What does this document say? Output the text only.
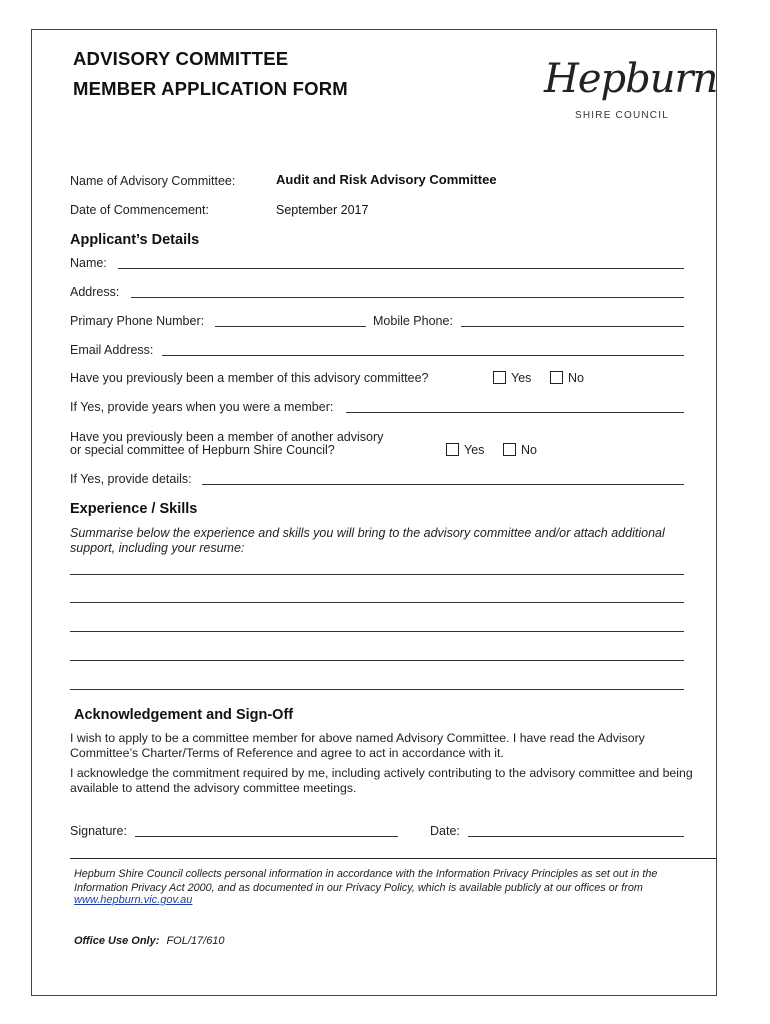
ADVISORY COMMITTEE
MEMBER APPLICATION FORM	Hepburn
SHIRE COUNCIL
Name of Advisory Committee:	Audit and Risk Advisory Committee
Date of Commencement:	September 2017
Applicant’s Details
Name:
Address:
Primary Phone Number:	Mobile Phone:
Email Address:
Have you previously been a member of this advisory committee?	Yes	No
If Yes, provide years when you were a member:
Have you previously been a member of another advisory
or special committee of Hepburn Shire Council?	Yes	No
If Yes, provide details:
Experience / Skills
Summarise below the experience and skills you will bring to the advisory committee and/or attach additional
support, including your resume:
Acknowledgement and Sign-Off
I wish to apply to be a committee member for above named Advisory Committee. I have read the Advisory Committee’s Charter/Terms of Reference and agree to act in accordance with it.
I acknowledge the commitment required by me, including actively contributing to the advisory committee and being available to attend the advisory committee meetings.
Signature:	Date:
Hepburn Shire Council collects personal information in accordance with the Information Privacy Principles as set out in the Information Privacy Act 2000, and as documented in our Privacy Policy, which is available publicly at our offices or from
www.hepburn.vic.gov.au
Office Use Only: FOL/17/610
